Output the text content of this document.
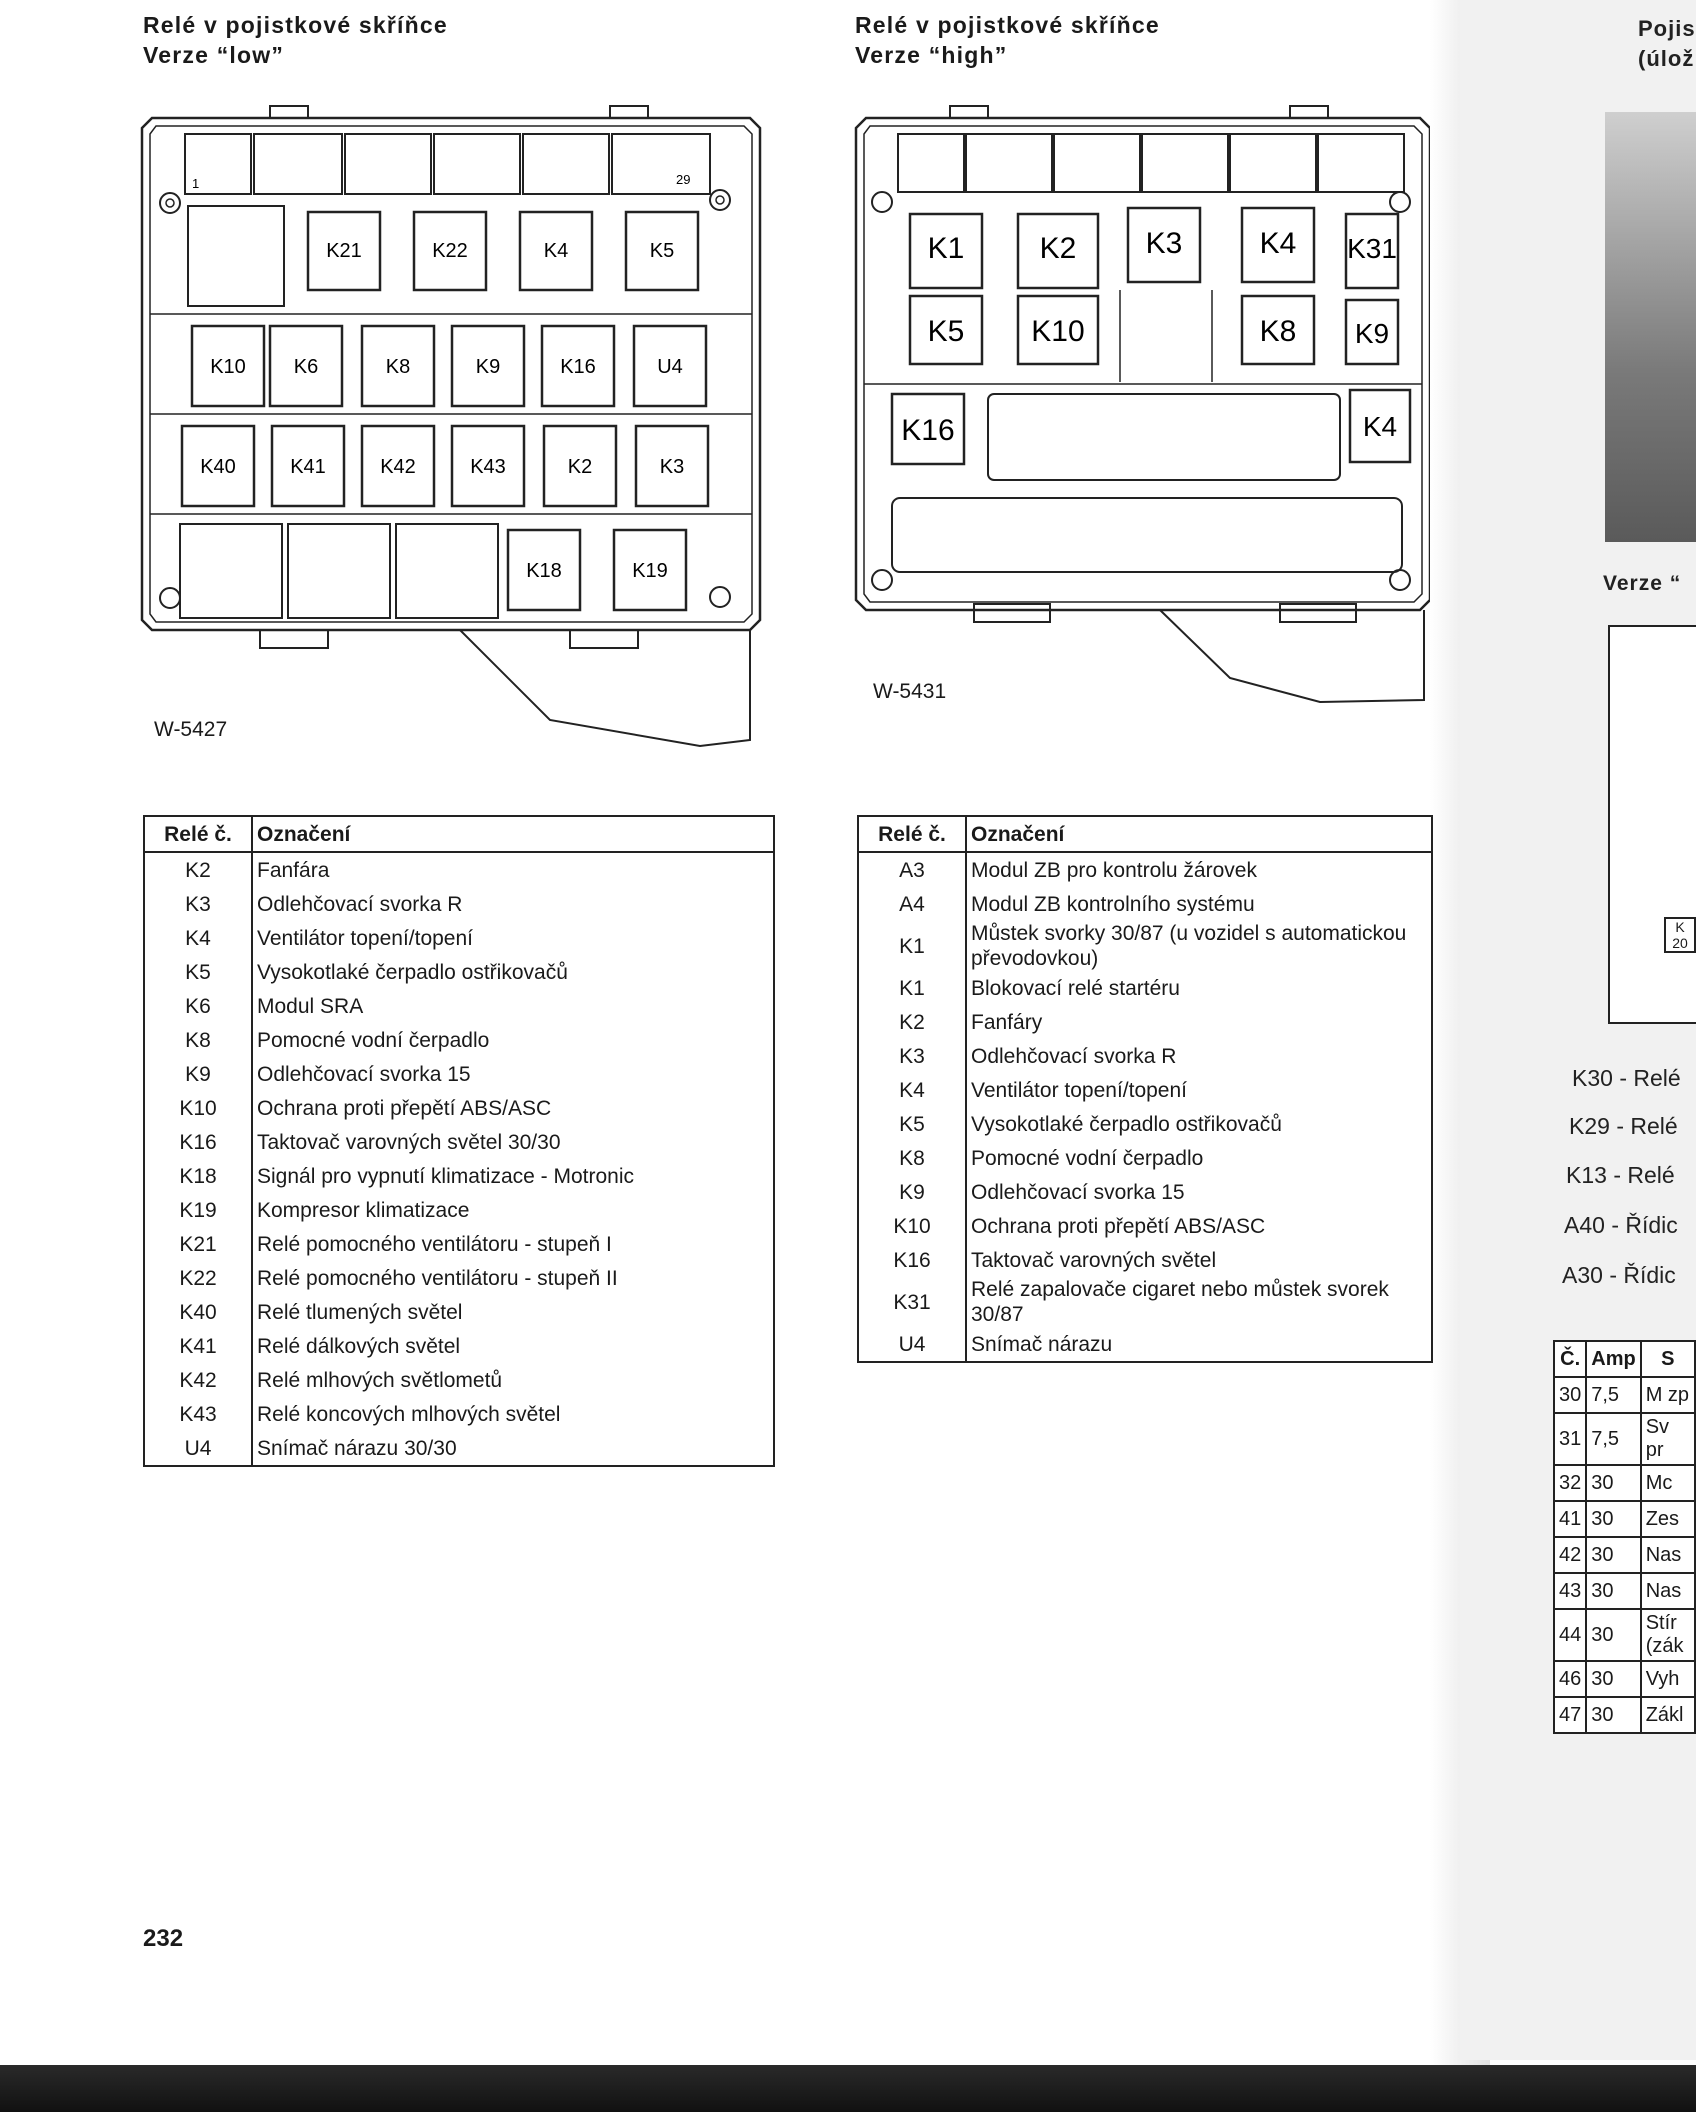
Relé v pojistkové skříňce
Verze “low”
1	29
K21	K22	K4	K5
K10 K6	K8	K9	K16	U4
K40	K41	K42	K43	K2	K3
K18	K19
W-5427
Relé č.	Označení
K2	Fanfára
K3	Odlehčovací svorka R
K4	Ventilátor topení/topení
K5	Vysokotlaké čerpadlo ostřikovačů
K6	Modul SRA
K8	Pomocné vodní čerpadlo
K9	Odlehčovací svorka 15
K10	Ochrana proti přepětí ABS/ASC
K16	Taktovač varovných světel 30/30
K18	Signál pro vypnutí klimatizace - Motronic
K19	Kompresor klimatizace
K21	Relé pomocného ventilátoru - stupeň I
K22	Relé pomocného ventilátoru - stupeň II
K40	Relé tlumených světel
K41	Relé dálkových světel
K42	Relé mlhových světlometů
K43	Relé koncových mlhových světel
U4	Snímač nárazu 30/30
Relé v pojistkové skříňce
Verze “high”
K1	K2 K3	K4 K31
K5 K10	K8 K9
K16	K4
W-5431
Relé č.	Označení
A3	Modul ZB pro kontrolu žárovek
A4	Modul ZB kontrolního systému
K1	Můstek svorky 30/87 (u vozidel s automatickou převodovkou)
K1	Blokovací relé startéru
K2	Fanfáry
K3	Odlehčovací svorka R
K4	Ventilátor topení/topení
K5	Vysokotlaké čerpadlo ostřikovačů
K8	Pomocné vodní čerpadlo
K9	Odlehčovací svorka 15
K10	Ochrana proti přepětí ABS/ASC
K16	Taktovač varovných světel
K31	Relé zapalovače cigaret nebo můstek svorek 30/87
U4	Snímač nárazu
Pojis
(úlož
Verze “
K 20
K30 - Relé
K29 - Relé
K13 - Relé
A40 - Řídic
A30 - Řídic
Č.	Amp	S
30	7,5	M zp
31	7,5	Sv pr
32	30	Mc
41	30	Zes
42	30	Nas
43	30	Nas
44	30	Stír (zák
46	30	Vyh
47	30	Zákl
232
